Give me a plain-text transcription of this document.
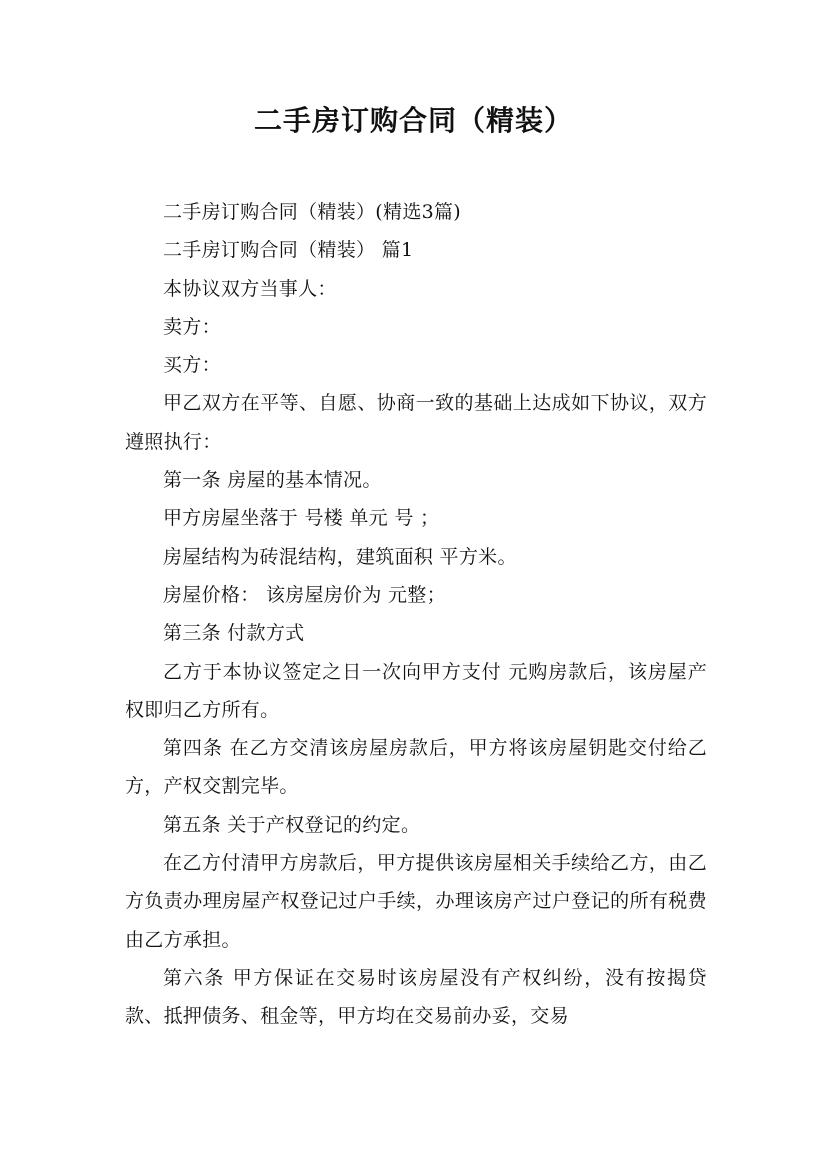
二手房订购合同（精装）

二手房订购合同（精装）(精选3篇)

二手房订购合同（精装） 篇1

本协议双方当事人：

卖方：

买方：

甲乙双方在平等、自愿、协商一致的基础上达成如下协议，双方遵照执行：

第一条 房屋的基本情况。

甲方房屋坐落于 号楼 单元 号 ；

房屋结构为砖混结构，建筑面积 平方米。

房屋价格： 该房屋房价为 元整；

第三条 付款方式

乙方于本协议签定之日一次向甲方支付 元购房款后，该房屋产权即归乙方所有。

第四条 在乙方交清该房屋房款后，甲方将该房屋钥匙交付给乙方，产权交割完毕。

第五条 关于产权登记的约定。

在乙方付清甲方房款后，甲方提供该房屋相关手续给乙方，由乙方负责办理房屋产权登记过户手续，办理该房产过户登记的所有税费由乙方承担。

第六条 甲方保证在交易时该房屋没有产权纠纷，没有按揭贷款、抵押债务、租金等，甲方均在交易前办妥，交易
